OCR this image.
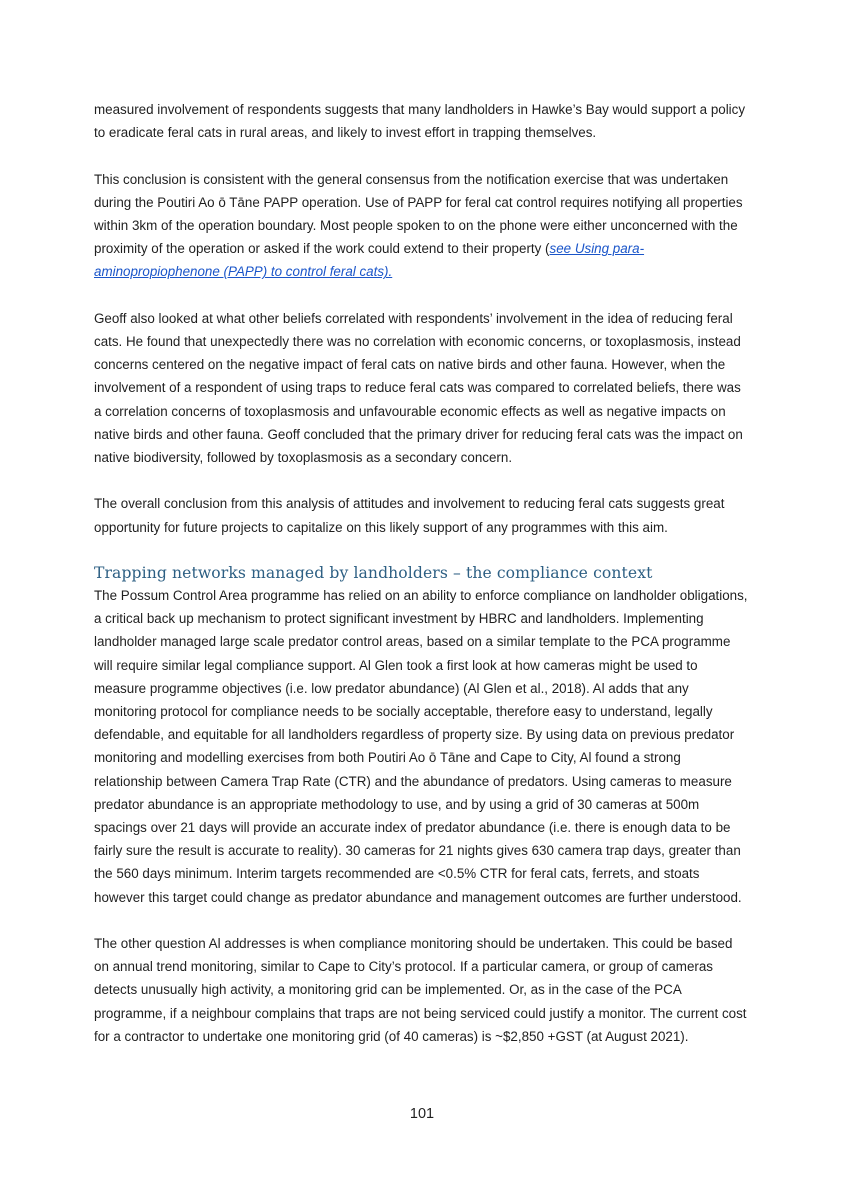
measured involvement of respondents suggests that many landholders in Hawke’s Bay would support a policy to eradicate feral cats in rural areas, and likely to invest effort in trapping themselves.

This conclusion is consistent with the general consensus from the notification exercise that was undertaken during the Poutiri Ao ō Tāne PAPP operation. Use of PAPP for feral cat control requires notifying all properties within 3km of the operation boundary. Most people spoken to on the phone were either unconcerned with the proximity of the operation or asked if the work could extend to their property (see Using para-aminopropiophenone (PAPP) to control feral cats).

Geoff also looked at what other beliefs correlated with respondents’ involvement in the idea of reducing feral cats. He found that unexpectedly there was no correlation with economic concerns, or toxoplasmosis, instead concerns centered on the negative impact of feral cats on native birds and other fauna. However, when the involvement of a respondent of using traps to reduce feral cats was compared to correlated beliefs, there was a correlation concerns of toxoplasmosis and unfavourable economic effects as well as negative impacts on native birds and other fauna. Geoff concluded that the primary driver for reducing feral cats was the impact on native biodiversity, followed by toxoplasmosis as a secondary concern.

The overall conclusion from this analysis of attitudes and involvement to reducing feral cats suggests great opportunity for future projects to capitalize on this likely support of any programmes with this aim.

Trapping networks managed by landholders – the compliance context

The Possum Control Area programme has relied on an ability to enforce compliance on landholder obligations, a critical back up mechanism to protect significant investment by HBRC and landholders. Implementing landholder managed large scale predator control areas, based on a similar template to the PCA programme will require similar legal compliance support. Al Glen took a first look at how cameras might be used to measure programme objectives (i.e. low predator abundance) (Al Glen et al., 2018). Al adds that any monitoring protocol for compliance needs to be socially acceptable, therefore easy to understand, legally defendable, and equitable for all landholders regardless of property size. By using data on previous predator monitoring and modelling exercises from both Poutiri Ao ō Tāne and Cape to City, Al found a strong relationship between Camera Trap Rate (CTR) and the abundance of predators. Using cameras to measure predator abundance is an appropriate methodology to use, and by using a grid of 30 cameras at 500m spacings over 21 days will provide an accurate index of predator abundance (i.e. there is enough data to be fairly sure the result is accurate to reality). 30 cameras for 21 nights gives 630 camera trap days, greater than the 560 days minimum. Interim targets recommended are <0.5% CTR for feral cats, ferrets, and stoats however this target could change as predator abundance and management outcomes are further understood.

The other question Al addresses is when compliance monitoring should be undertaken. This could be based on annual trend monitoring, similar to Cape to City’s protocol. If a particular camera, or group of cameras detects unusually high activity, a monitoring grid can be implemented. Or, as in the case of the PCA programme, if a neighbour complains that traps are not being serviced could justify a monitor. The current cost for a contractor to undertake one monitoring grid (of 40 cameras) is ~$2,850 +GST (at August 2021).

101
